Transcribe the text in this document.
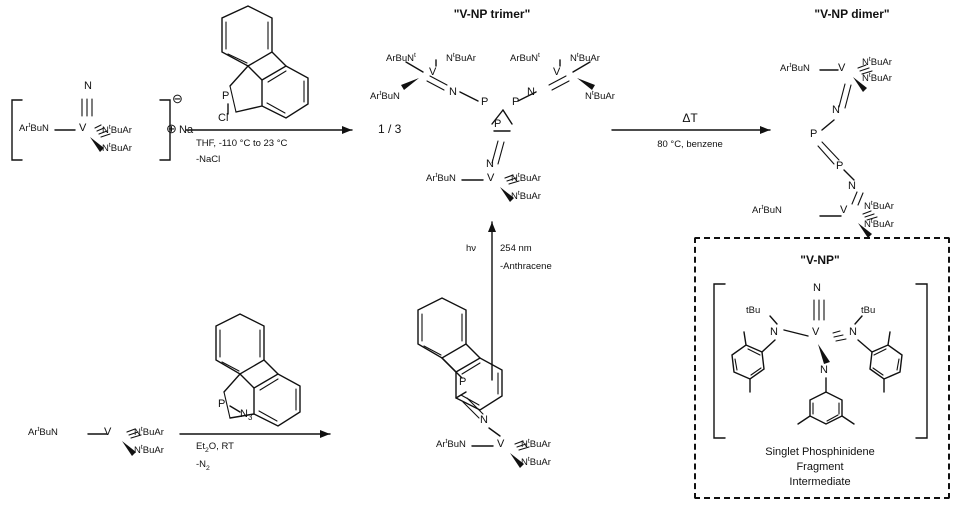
N
V
Ar$^t$BuN	$N^tBuAr$
$N^tBuAr$
⊖
⊕ Na
P
Cl
THF, -110 °C to 23 °C
-NaCl
1 / 3
"V-NP trimer"
ArBuN$^t$	$N^tBuAr$
V
Ar$^t$BuN	N
ArBuN$^t$	$N^tBuAr$
V
$N^tBuAr$
N
P P
P
N
V
Ar$^t$BuN	$N^tBuAr$
$N^tBuAr$
ΔT
80 °C, benzene
"V-NP dimer"
Ar$^t$BuN	V $N^tBuAr$
$N^tBuAr$
N
P
P
N
V
Ar$^t$BuN	$N^tBuAr$
$N^tBuAr$
hν	254 nm
-Anthracene
P
N
V
Ar$^t$BuN	$N^tBuAr$
$N^tBuAr$
Ar$^t$BuN	V $N^tBuAr$
$N^tBuAr$
P
$N_3$
$Et_2O$, RT
$-N_2$
"V-NP"
N
V
N	N
N
tBu	tBu
Singlet Phosphinidene
Fragment
Intermediate
